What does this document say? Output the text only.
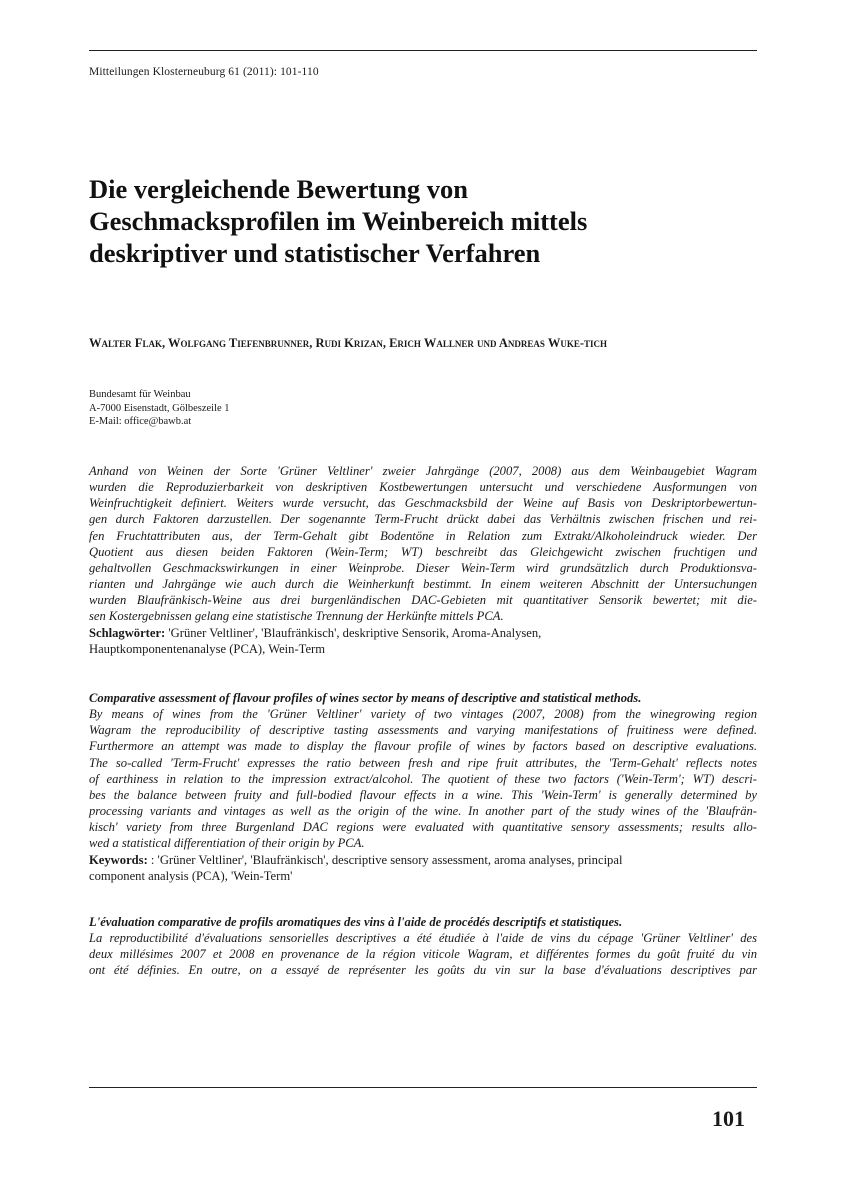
Mitteilungen Klosterneuburg 61 (2011): 101-110
Die vergleichende Bewertung von
Geschmacksprofilen im Weinbereich mittels
deskriptiver und statistischer Verfahren

Walter Flak, Wolfgang Tiefenbrunner, Rudi Krizan, Erich Wallner und Andreas Wuke-tich

Bundesamt für Weinbau
A-7000 Eisenstadt, Gölbeszeile 1
E-Mail: office@bawb.at
Anhand von Weinen der Sorte 'Grüner Veltliner' zweier Jahrgänge (2007, 2008) aus dem Weinbaugebiet Wagram
wurden die Reproduzierbarkeit von deskriptiven Kostbewertungen untersucht und verschiedene Ausformungen von
Weinfruchtigkeit definiert. Weiters wurde versucht, das Geschmacksbild der Weine auf Basis von Deskriptorbewertun-
gen durch Faktoren darzustellen. Der sogenannte Term-Frucht drückt dabei das Verhältnis zwischen frischen und rei-
fen Fruchtattributen aus, der Term-Gehalt gibt Bodentöne in Relation zum Extrakt/Alkoholeindruck wieder. Der
Quotient aus diesen beiden Faktoren (Wein-Term; WT) beschreibt das Gleichgewicht zwischen fruchtigen und
gehaltvollen Geschmackswirkungen in einer Weinprobe. Dieser Wein-Term wird grundsätzlich durch Produktionsva-
rianten und Jahrgänge wie auch durch die Weinherkunft bestimmt. In einem weiteren Abschnitt der Untersuchungen
wurden Blaufränkisch-Weine aus drei burgenländischen DAC-Gebieten mit quantitativer Sensorik bewertet; mit die-
sen Kostergebnissen gelang eine statistische Trennung der Herkünfte mittels PCA.
Schlagwörter: 'Grüner Veltliner', 'Blaufränkisch', deskriptive Sensorik, Aroma-Analysen,
Hauptkomponentenanalyse (PCA), Wein-Term
Comparative assessment of flavour profiles of wines sector by means of descriptive and statistical methods.
By means of wines from the 'Grüner Veltliner' variety of two vintages (2007, 2008) from the winegrowing region
Wagram the reproducibility of descriptive tasting assessments and varying manifestations of fruitiness were defined.
Furthermore an attempt was made to display the flavour profile of wines by factors based on descriptive evaluations.
The so-called 'Term-Frucht' expresses the ratio between fresh and ripe fruit attributes, the 'Term-Gehalt' reflects notes
of earthiness in relation to the impression extract/alcohol. The quotient of these two factors ('Wein-Term'; WT) descri-
bes the balance between fruity and full-bodied flavour effects in a wine. This 'Wein-Term' is generally determined by
processing variants and vintages as well as the origin of the wine. In another part of the study wines of the 'Blaufrän-
kisch' variety from three Burgenland DAC regions were evaluated with quantitative sensory assessments; results allo-
wed a statistical differentiation of their origin by PCA.
Keywords: : 'Grüner Veltliner', 'Blaufränkisch', descriptive sensory assessment, aroma analyses, principal
component analysis (PCA), 'Wein-Term'
L'évaluation comparative de profils aromatiques des vins à l'aide de procédés descriptifs et statistiques.
La reproductibilité d'évaluations sensorielles descriptives a été étudiée à l'aide de vins du cépage 'Grüner Veltliner' des
deux millésimes 2007 et 2008 en provenance de la région viticole Wagram, et différentes formes du goût fruité du vin
ont été définies. En outre, on a essayé de représenter les goûts du vin sur la base d'évaluations descriptives par
101
